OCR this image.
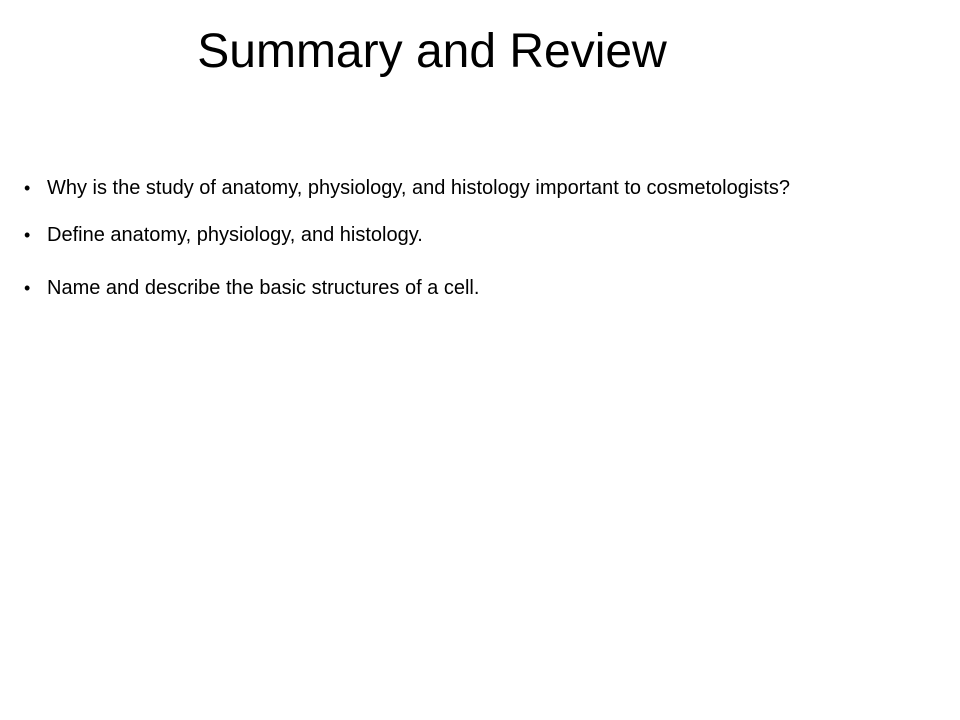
Summary and Review
• Why is the study of anatomy, physiology, and histology important to cosmetologists?
• Define anatomy, physiology, and histology.
• Name and describe the basic structures of a cell.
